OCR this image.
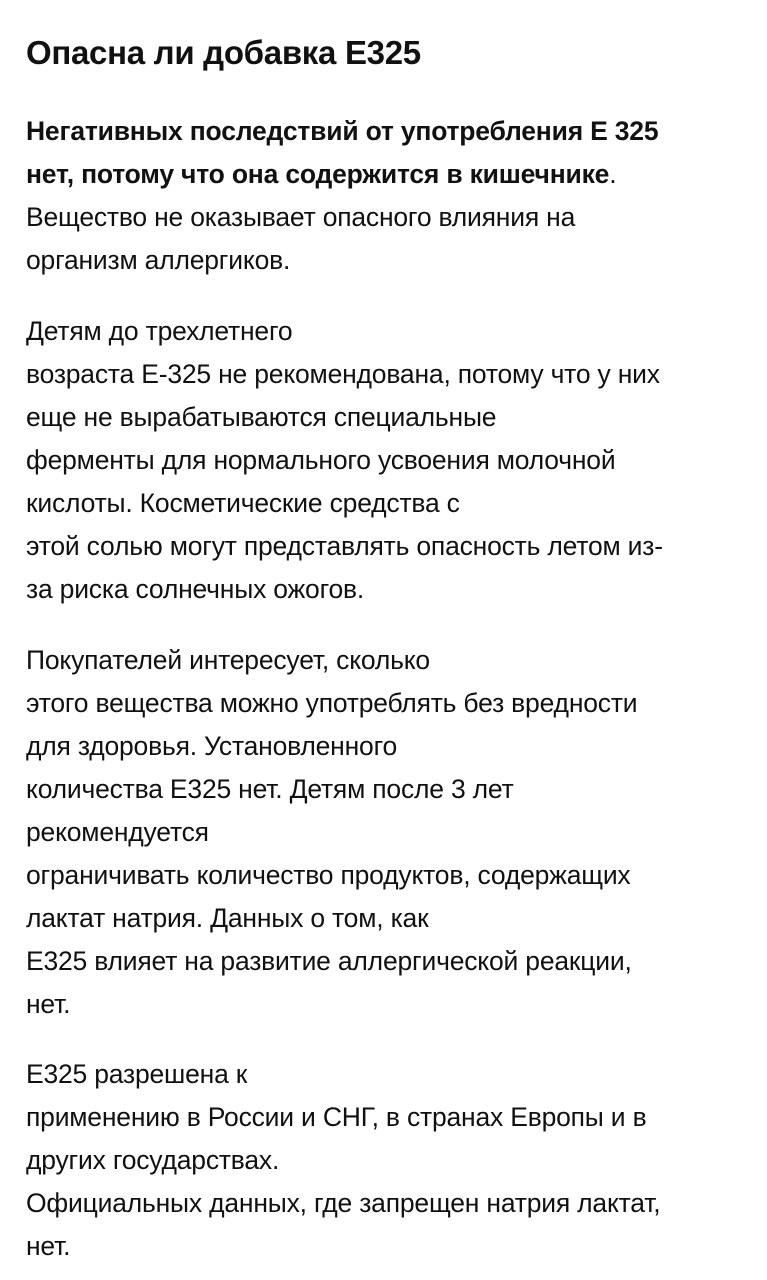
Опасна ли добавка E325

Негативных последствий от употребления Е 325
нет, потому что она содержится в кишечнике.
Вещество не оказывает опасного влияния на
организм аллергиков.

Детям до трехлетнего
возраста Е-325 не рекомендована, потому что у них
еще не вырабатываются специальные
ферменты для нормального усвоения молочной
кислоты. Косметические средства с
этой солью могут представлять опасность летом из-
за риска солнечных ожогов.

Покупателей интересует, сколько
этого вещества можно употреблять без вредности
для здоровья. Установленного
количества E325 нет. Детям после 3 лет
рекомендуется
ограничивать количество продуктов, содержащих
лактат натрия. Данных о том, как
E325 влияет на развитие аллергической реакции,
нет.

E325 разрешена к
применению в России и СНГ, в странах Европы и в
других государствах.
Официальных данных, где запрещен натрия лактат,
нет.
